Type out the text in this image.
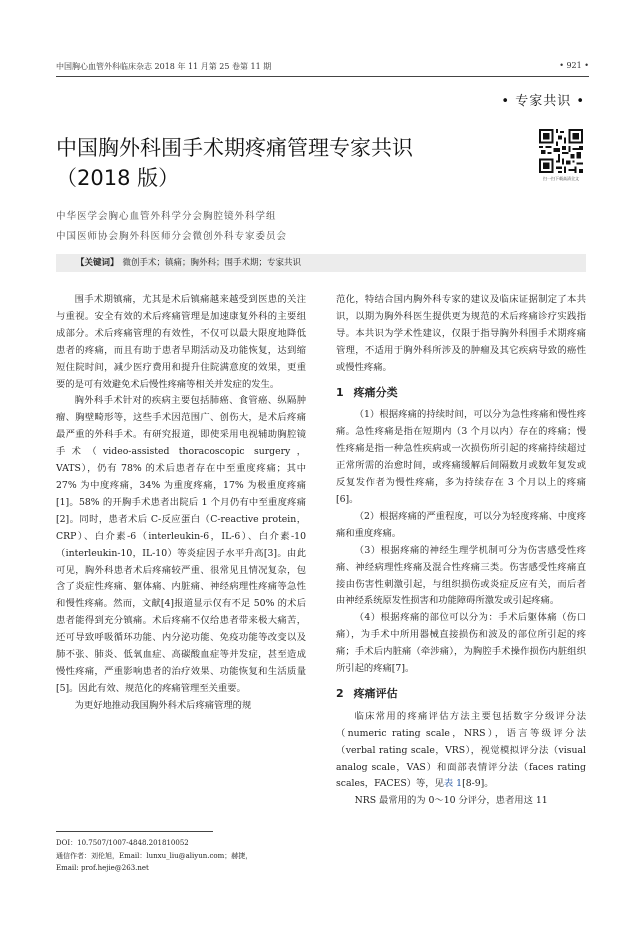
中国胸心血管外科临床杂志 2018 年 11 月第 25 卷第 11 期	• 921 •
• 专家共识 •
中国胸外科围手术期疼痛管理专家共识
（2018 版）	扫一扫下载高清全文
中华医学会胸心血管外科学分会胸腔镜外科学组
中国医师协会胸外科医师分会微创外科专家委员会
【关键词】 微创手术；镇痛；胸外科；围手术期；专家共识

围手术期镇痛，尤其是术后镇痛越来越受到医患的关注与重视。安全有效的术后疼痛管理是加速康复外科的主要组成部分。术后疼痛管理的有效性，不仅可以最大限度地降低患者的疼痛，而且有助于患者早期活动及功能恢复，达到缩短住院时间，减少医疗费用和提升住院满意度的效果，更重要的是可有效避免术后慢性疼痛等相关并发症的发生。

胸外科手术针对的疾病主要包括肺癌、食管癌、纵隔肿瘤、胸壁畸形等，这些手术因范围广、创伤大，是术后疼痛最严重的外科手术。有研究报道，即使采用电视辅助胸腔镜手术（video-assisted thoracoscopic surgery，VATS），仍有 78% 的术后患者存在中至重度疼痛；其中 27% 为中度疼痛，34% 为重度疼痛，17% 为极重度疼痛[1]。58% 的开胸手术患者出院后 1 个月仍有中至重度疼痛[2]。同时，患者术后 C-反应蛋白（C-reactive protein，CRP）、白介素-6（interleukin-6，IL-6）、白介素-10（interleukin-10，IL-10）等炎症因子水平升高[3]。由此可见，胸外科患者术后疼痛较严重、很常见且情况复杂，包含了炎症性疼痛、躯体痛、内脏痛、神经病理性疼痛等急性和慢性疼痛。然而，文献[4]报道显示仅有不足 50% 的术后患者能得到充分镇痛。术后疼痛不仅给患者带来极大痛苦，还可导致呼吸循环功能、内分泌功能、免疫功能等改变以及肺不张、肺炎、低氧血症、高碳酸血症等并发症，甚至造成慢性疼痛，严重影响患者的治疗效果、功能恢复和生活质量[5]。因此有效、规范化的疼痛管理至关重要。

为更好地推动我国胸外科术后疼痛管理的规

范化，特结合国内胸外科专家的建议及临床证据制定了本共识，以期为胸外科医生提供更为规范的术后疼痛诊疗实践指导。本共识为学术性建议，仅限于指导胸外科围手术期疼痛管理，不适用于胸外科所涉及的肿瘤及其它疾病导致的癌性或慢性疼痛。

1 疼痛分类

（1）根据疼痛的持续时间，可以分为急性疼痛和慢性疼痛。急性疼痛是指在短期内（3 个月以内）存在的疼痛；慢性疼痛是指一种急性疾病或一次损伤所引起的疼痛持续超过正常所需的治愈时间，或疼痛缓解后间隔数月或数年复发或反复发作者为慢性疼痛，多为持续存在 3 个月以上的疼痛[6]。

（2）根据疼痛的严重程度，可以分为轻度疼痛、中度疼痛和重度疼痛。

（3）根据疼痛的神经生理学机制可分为伤害感受性疼痛、神经病理性疼痛及混合性疼痛三类。伤害感受性疼痛直接由伤害性刺激引起，与组织损伤或炎症反应有关，而后者由神经系统原发性损害和功能障碍所激发或引起疼痛。

（4）根据疼痛的部位可以分为：手术后躯体痛（伤口痛），为手术中所用器械直接损伤和波及的部位所引起的疼痛；手术后内脏痛（牵涉痛），为胸腔手术操作损伤内脏组织所引起的疼痛[7]。

2 疼痛评估

临床常用的疼痛评估方法主要包括数字分级评分法（numeric rating scale，NRS），语言等级评分法（verbal rating scale，VRS），视觉模拟评分法（visual analog scale，VAS）和面部表情评分法（faces rating scales，FACES）等，见表 1[8-9]。

NRS 最常用的为 0～10 分评分，患者用这 11

DOI：10.7507/1007-4848.201810052
通信作者：刘伦旭，Email：lunxu_liu@aliyun.com；赫捷，
Email: prof.hejie@263.net
